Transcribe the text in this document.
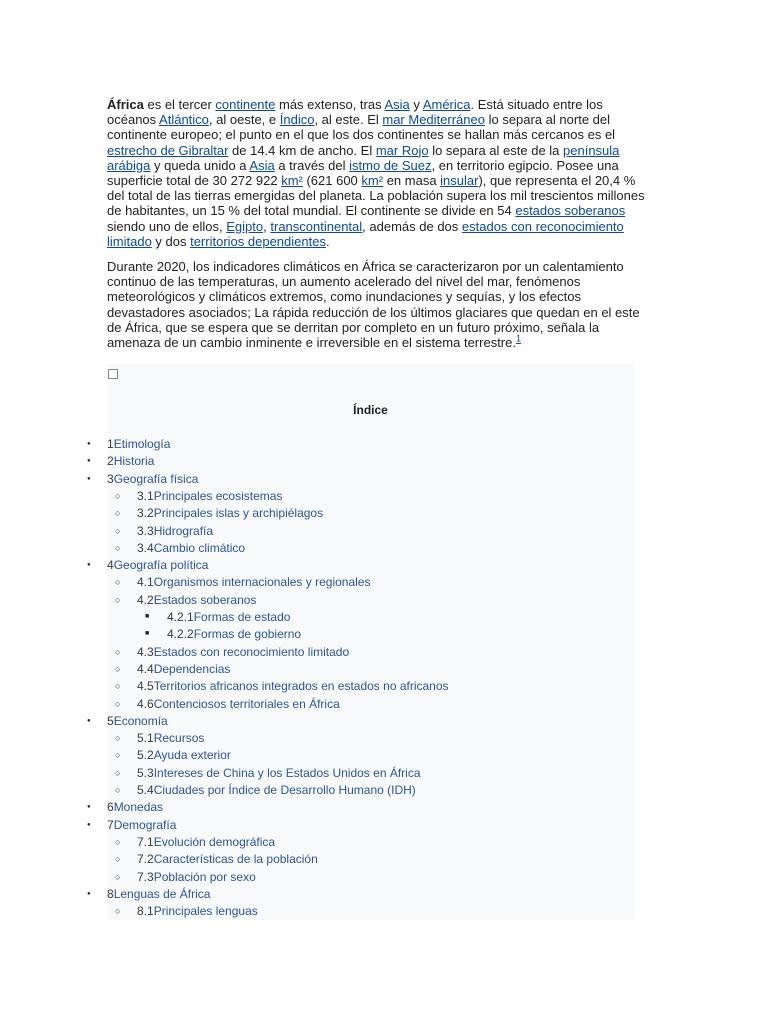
África es el tercer continente más extenso, tras Asia y América. Está situado entre los océanos Atlántico, al oeste, e Índico, al este. El mar Mediterráneo lo separa al norte del continente europeo; el punto en el que los dos continentes se hallan más cercanos es el estrecho de Gibraltar de 14.4 km de ancho. El mar Rojo lo separa al este de la península arábiga y queda unido a Asia a través del istmo de Suez, en territorio egipcio. Posee una superficie total de 30 272 922 km² (621 600 km² en masa insular), que representa el 20,4 % del total de las tierras emergidas del planeta. La población supera los mil trescientos millones de habitantes, un 15 % del total mundial. El continente se divide en 54 estados soberanos siendo uno de ellos, Egipto, transcontinental, además de dos estados con reconocimiento limitado y dos territorios dependientes.

Durante 2020, los indicadores climáticos en África se caracterizaron por un calentamiento continuo de las temperaturas, un aumento acelerado del nivel del mar, fenómenos meteorológicos y climáticos extremos, como inundaciones y sequías, y los efectos devastadores asociados; La rápida reducción de los últimos glaciares que quedan en el este de África, que se espera que se derritan por completo en un futuro próximo, señala la amenaza de un cambio inminente e irreversible en el sistema terrestre.$^1$

Índice
● 1Etimología
● 2Historia
● 3Geografía física
○ 3.1Principales ecosistemas
○ 3.2Principales islas y archipiélagos
○ 3.3Hidrografía
○ 3.4Cambio climático
● 4Geografía política
○ 4.1Organismos internacionales y regionales
○ 4.2Estados soberanos
■ 4.2.1Formas de estado
■ 4.2.2Formas de gobierno
○ 4.3Estados con reconocimiento limitado
○ 4.4Dependencias
○ 4.5Territorios africanos integrados en estados no africanos
○ 4.6Contenciosos territoriales en África
● 5Economía
○ 5.1Recursos
○ 5.2Ayuda exterior
○ 5.3Intereses de China y los Estados Unidos en África
○ 5.4Ciudades por Índice de Desarrollo Humano (IDH)
● 6Monedas
● 7Demografía
○ 7.1Evolución demográfica
○ 7.2Características de la población
○ 7.3Población por sexo
● 8Lenguas de África
○ 8.1Principales lenguas
